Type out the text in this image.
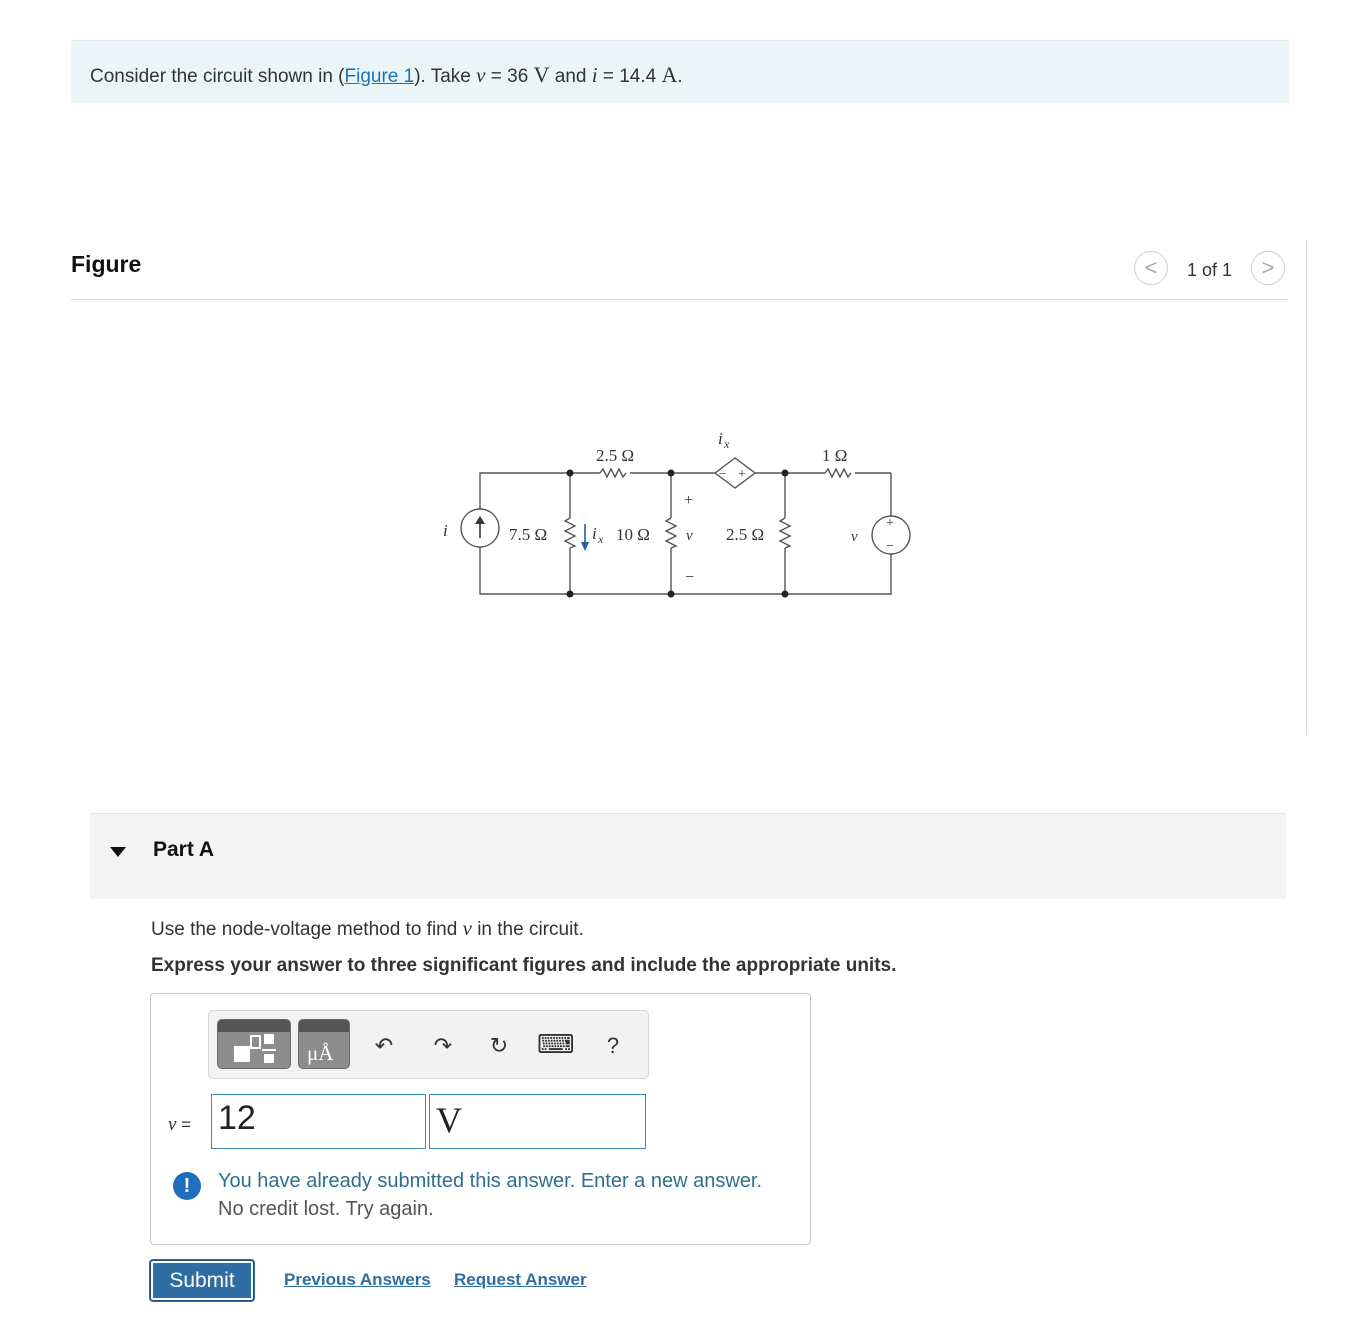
Consider the circuit shown in (Figure 1). Take v = 36 V and i = 14.4 A.
Figure	<	1 of 1	>
2.5 Ω	1 Ω
i x
i	7.5 Ω	i x 10 Ω v
+
−
2.5 Ω	v
+
−
− +
Part A
Use the node-voltage method to find v in the circuit.
Express your answer to three significant figures and include the appropriate units.
μÅ	↶	↷	↻	⌨	?
v = 12	V
!	You have already submitted this answer. Enter a new answer.
No credit lost. Try again.
Submit	Previous Answers Request Answer
